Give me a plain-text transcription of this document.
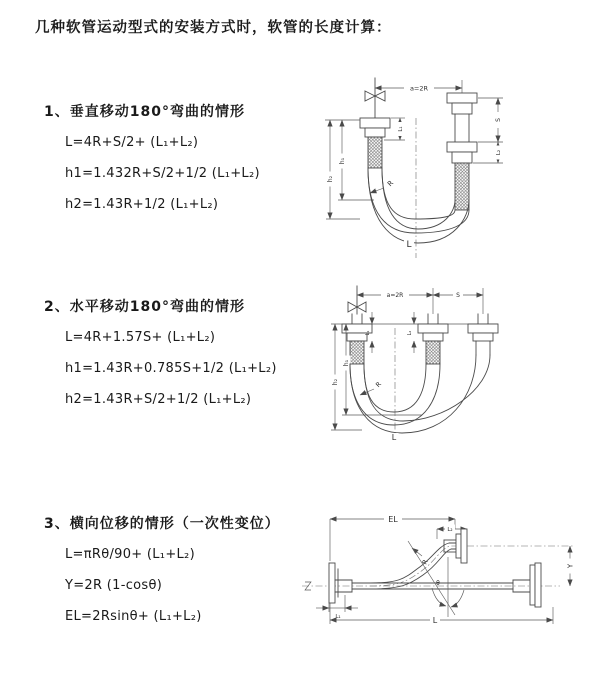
几种软管运动型式的安装方式时，软管的长度计算：
1、垂直移动180°弯曲的情形
L=4R+S/2+ (L₁+L₂)
h1=1.432R+S/2+1/2 (L₁+L₂)
h2=1.43R+1/2 (L₁+L₂)
2、水平移动180°弯曲的情形
L=4R+1.57S+ (L₁+L₂)
h1=1.43R+0.785S+1/2 (L₁+L₂)
h2=1.43R+S/2+1/2 (L₁+L₂)
3、横向位移的情形（一次性变位）
L=πRθ/90+ (L₁+L₂)
Y=2R (1-cosθ)
EL=2Rsinθ+ (L₁+L₂)
a=2R
S
L₂
L₁
h₁
h₂
R
L
a=2R	S
L₁	L₂
h₁
h₂	R
L
EL
L₂
Y
R
θ
L₁	L
